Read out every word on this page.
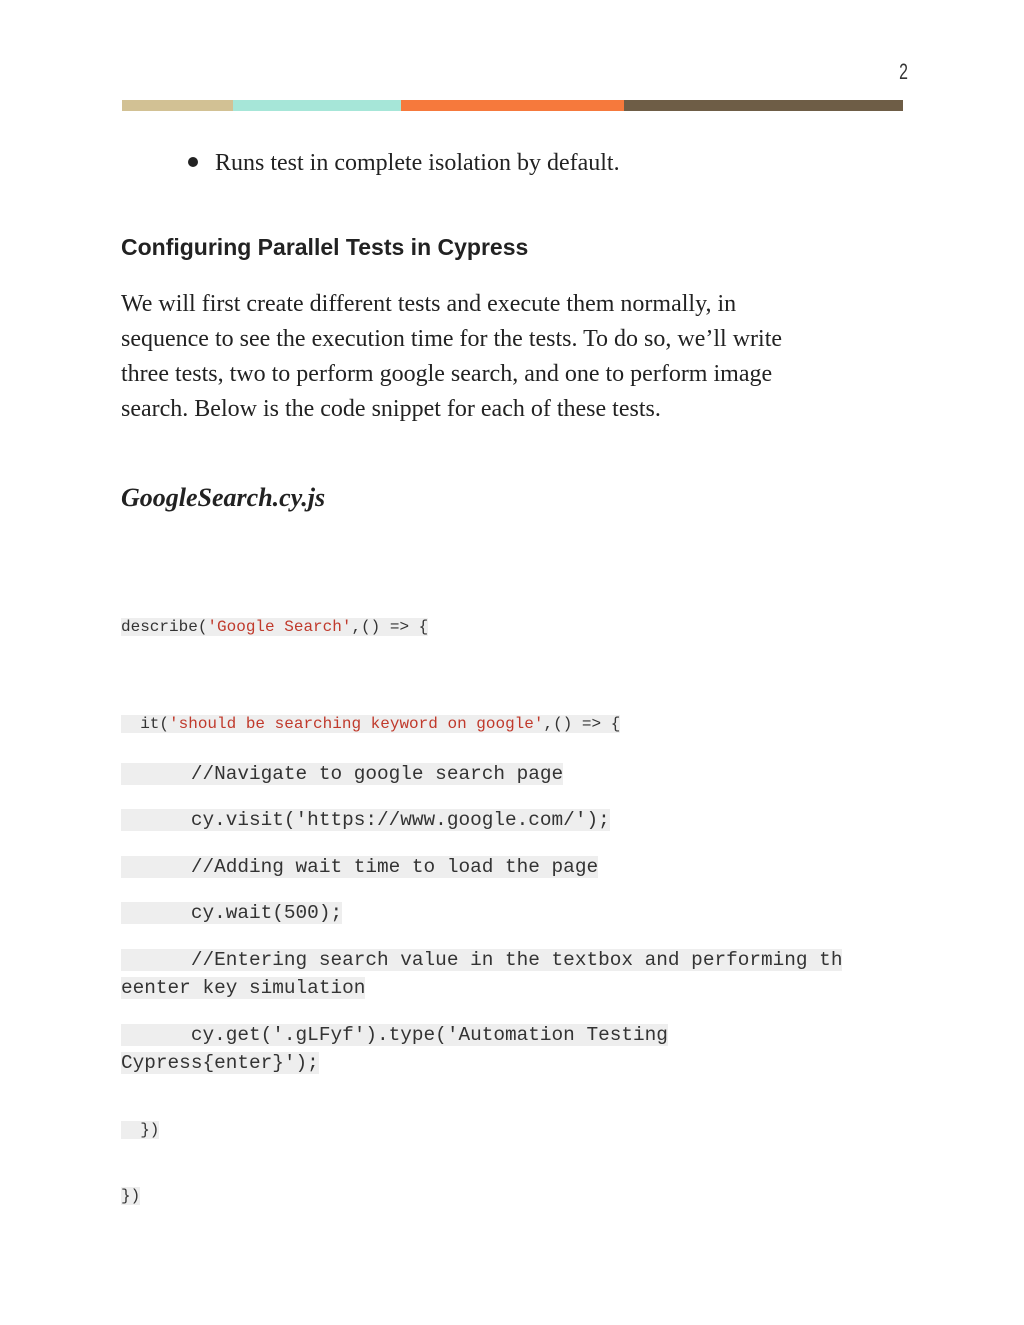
2
Runs test in complete isolation by default.
Configuring Parallel Tests in Cypress
We will first create different tests and execute them normally, in
sequence to see the execution time for the tests. To do so, we’ll write
three tests, two to perform google search, and one to perform image
search. Below is the code snippet for each of these tests.
GoogleSearch.cy.js
describe('Google Search',() => {
it('should be searching keyword on google',() => {
//Navigate to google search page
cy.visit('https://www.google.com/');
//Adding wait time to load the page
cy.wait(500);
//Entering search value in the textbox and performing th
eenter key simulation
cy.get('.gLFyf').type('Automation Testing
Cypress{enter}');
})
})
